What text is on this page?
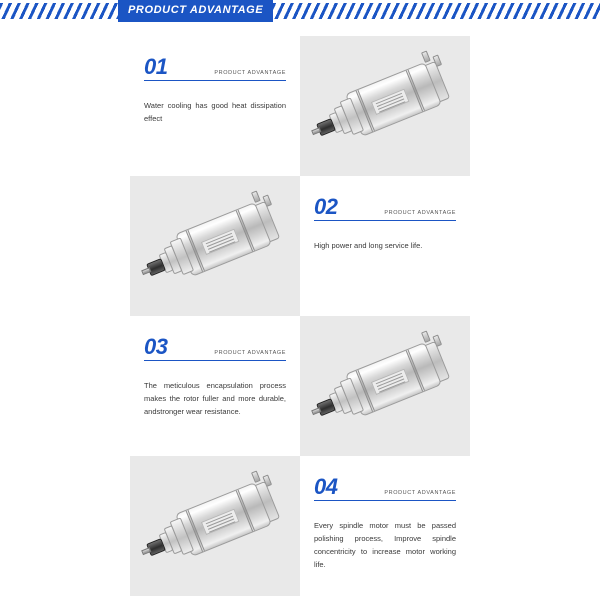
PRODUCT ADVANTAGE
01	PRODUCT ADVANTAGE
Water cooling has good heat dissipation effect
02	PRODUCT ADVANTAGE
High power and long service life.
03	PRODUCT ADVANTAGE
The meticulous encapsulation process makes the rotor fuller and more durable, andstronger wear resistance.
04	PRODUCT ADVANTAGE
Every spindle motor must be passed polishing process, Improve spindle concentricity to increase motor working life.
